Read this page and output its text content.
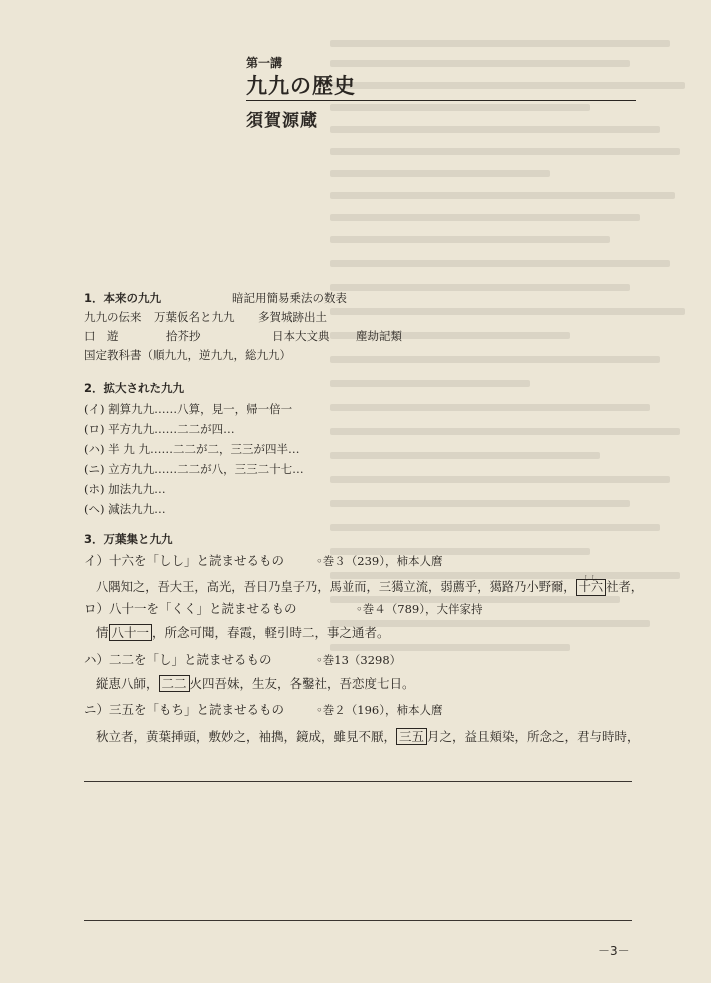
第一講
九九の歴史
須賀源蔵
1．本来の九九	暗記用簡易乗法の数表
九九の伝来 万葉仮名と九九 多賀城跡出土
口　遊	拾芥抄	日本大文典 塵劫記類
国定教科書（順九九，逆九九，総九九）
2．拡大された九九
(イ) 割算九九……八算，見一，帰一倍一
(ロ) 平方九九……二二が四…
(ハ) 半 九 九……二二が二，三三が四半…
(ニ) 立方九九……二二が八，三三二十七…
(ホ) 加法九九…
(ヘ) 減法九九…
3．万葉集と九九
イ）十六を「しし」と読ませるもの	◦巻３（239），柿本人麿
八隅知之，吾大王，高光，吾日乃皇子乃，馬並而，三獦立流，弱薦乎，獦路乃小野爾，
しし
十六 社者，
ロ）八十一を「くく」と読ませるもの	◦巻４（789），大伴家持
情 八十一 ，所念可聞，春霞，軽引時二，事之通者。
ハ）二二を「し」と読ませるもの	◦巻13（3298）
縦恵八師， 二二 火四吾妹，生友，各鑿社，吾恋度七日。
ニ）三五を「もち」と読ませるもの	◦巻２（196），柿本人麿
秋立者，黄葉挿頭，敷妙之，袖擕，鏡成，雖見不厭， 三五 月之，益且頬染，所念之，君与時時，
－3－
